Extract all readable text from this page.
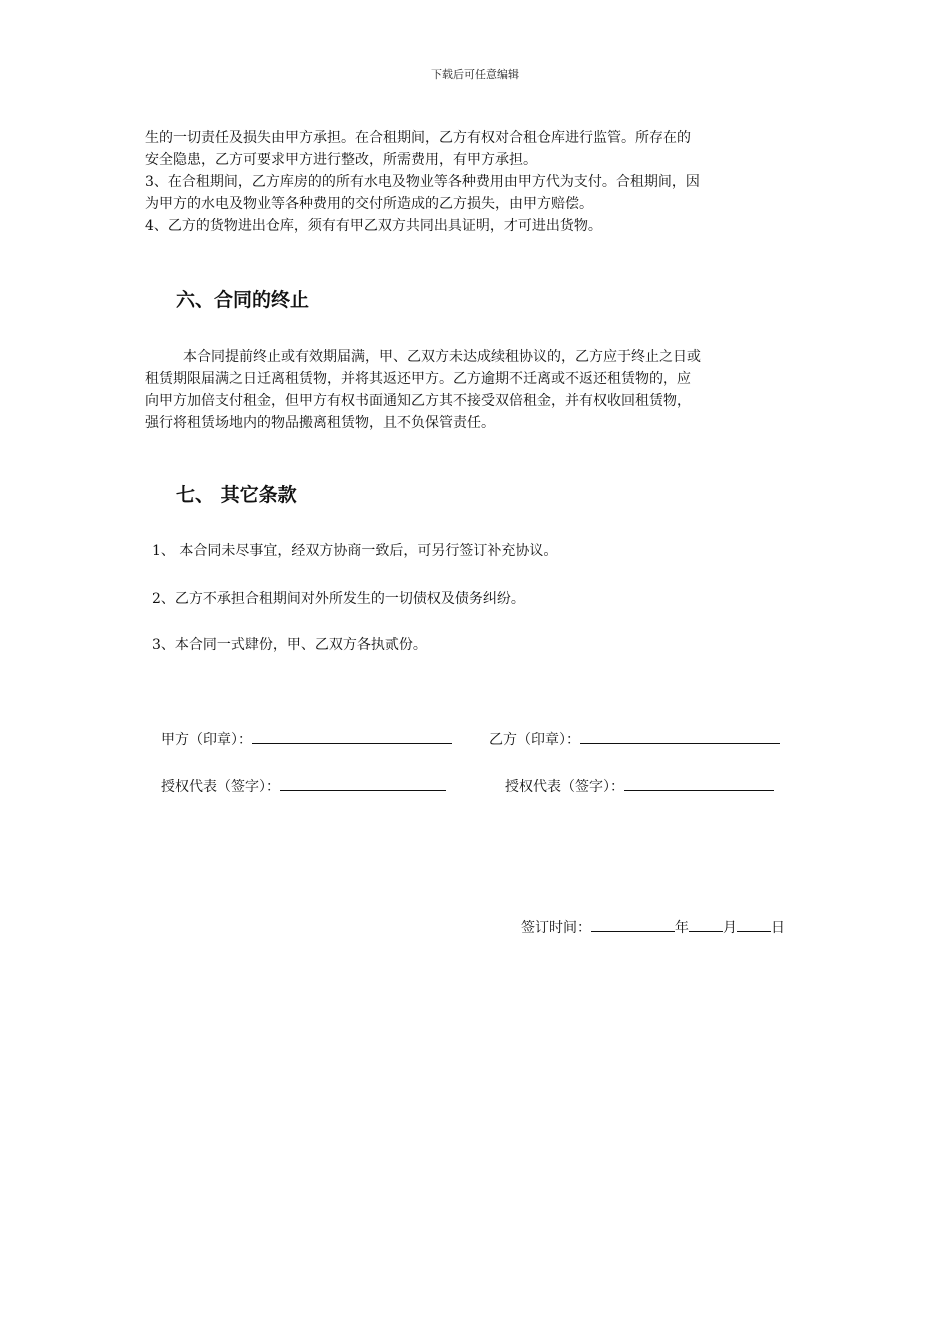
下载后可任意编辑

生的一切责任及损失由甲方承担。在合租期间，乙方有权对合租仓库进行监管。所存在的
安全隐患，乙方可要求甲方进行整改，所需费用，有甲方承担。
3、在合租期间，乙方库房的的所有水电及物业等各种费用由甲方代为支付。合租期间，因
为甲方的水电及物业等各种费用的交付所造成的乙方损失，由甲方赔偿。
4、乙方的货物进出仓库，须有有甲乙双方共同出具证明，才可进出货物。

六、合同的终止

本合同提前终止或有效期届满，甲、乙双方未达成续租协议的，乙方应于终止之日或
租赁期限届满之日迁离租赁物，并将其返还甲方。乙方逾期不迁离或不返还租赁物的，应
向甲方加倍支付租金，但甲方有权书面通知乙方其不接受双倍租金，并有权收回租赁物，
强行将租赁场地内的物品搬离租赁物，且不负保管责任。

七、 其它条款

1、 本合同未尽事宜，经双方协商一致后，可另行签订补充协议。

2、乙方不承担合租期间对外所发生的一切债权及债务纠纷。

3、本合同一式肆份，甲、乙双方各执贰份。

甲方（印章）：	乙方（印章）：
授权代表（签字）：	授权代表（签字）：
签订时间：	年 月 日
